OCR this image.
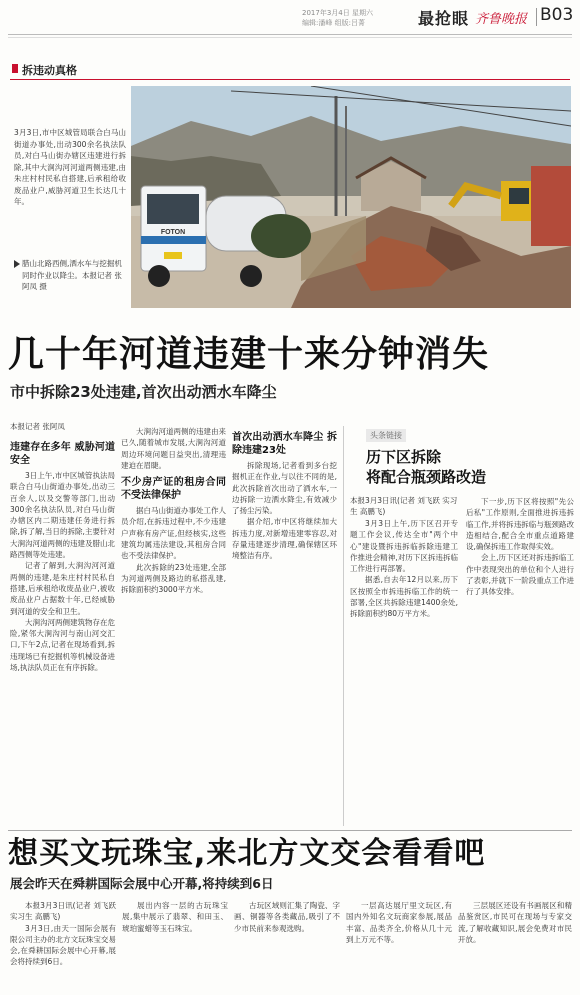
2017年3月4日 星期六
编辑:潘峰 组版:吕菁	最抢眼 齐鲁晚报 B03
拆违动真格
FOTON
3月3日,市中区城管局联合白马山街道办事处,出动300余名执法队员,对白马山街办辖区违建进行拆除,其中大涧沟河河道两侧违建,由朱庄村村民私自搭建,后承租给收废品业户,威胁河道卫生长达几十年。
腊山北路西侧,洒水车与挖掘机同时作业以降尘。本报记者 张阿凤 摄
几十年河道违建十来分钟消失
市中拆除23处违建,首次出动洒水车降尘
本报记者 张阿凤
违建存在多年 威胁河道安全

3日上午,市中区城管执法局联合白马山街道办事处,出动三百余人,以及交警等部门,出动300余名执法队员,对白马山街办辖区内二期违建任务进行拆除,拆了解,当日的拆除,主要针对大涧沟河道两侧的违建及腊山北路西侧等处违建。

记者了解到,大涧沟河河道两侧的违建,是朱庄村村民私自搭建,后承租给收废品业户,被收废品业户占据数十年,已经威胁到河道的安全和卫生。

大涧沟河两侧建筑物存在危险,紧邻大涧沟河与南山河交汇口,下午2点,记者在现场看到,拆违现场已有挖掘机等机械设备进场,执法队员正在有序拆除。

大涧沟河道两侧的违建由来已久,随着城市发展,大涧沟河道周边环境问题日益突出,清理违建迫在眉睫。

不少房产证的租房合同不受法律保护

据白马山街道办事处工作人员介绍,在拆违过程中,不少违建户声称有房产证,但经核实,这些建筑均属违法建设,其租房合同也不受法律保护。

此次拆除的23处违建,全部为河道两侧及路边的私搭乱建,拆除面积约3000平方米。

首次出动洒水车降尘 拆除违建23处

拆除现场,记者看到多台挖掘机正在作业,与以往不同的是,此次拆除首次出动了洒水车,一边拆除一边洒水降尘,有效减少了扬尘污染。

据介绍,市中区将继续加大拆违力度,对新增违建零容忍,对存量违建逐步清理,确保辖区环境整洁有序。

头条链接
历下区拆除
将配合瓶颈路改造
本报3月3日讯(记者 刘飞跃 实习生 高鹏飞)

3月3日上午,历下区召开专题工作会议,传达全市"两个中心"建设暨拆违拆临拆除违建工作推进会精神,对历下区拆违拆临工作进行再部署。

据悉,自去年12月以来,历下区按照全市拆违拆临工作的统一部署,全区共拆除违建1400余处,拆除面积约80万平方米。

下一步,历下区将按照"先公后私"工作原则,全面推进拆违拆临工作,并将拆违拆临与瓶颈路改造相结合,配合全市重点道路建设,确保拆违工作取得实效。

会上,历下区还对拆违拆临工作中表现突出的单位和个人进行了表彰,并就下一阶段重点工作进行了具体安排。

想买文玩珠宝,来北方文交会看看吧
展会昨天在舜耕国际会展中心开幕,将持续到6日

本报3月3日讯(记者 刘飞跃 实习生 高鹏飞)

3月3日,由天一国际会展有限公司主办的北方文玩珠宝交易会,在舜耕国际会展中心开幕,展会将持续到6日。

展出内容一层的古玩珠宝展,集中展示了翡翠、和田玉、琥珀蜜蜡等玉石珠宝。

古玩区域则汇集了陶瓷、字画、铜器等各类藏品,吸引了不少市民前来参观选购。

一层高达展厅里文玩区,有国内外知名文玩商家参展,展品丰富、品类齐全,价格从几十元到上万元不等。

三层展区还设有书画展区和精品鉴赏区,市民可在现场与专家交流,了解收藏知识,展会免费对市民开放。
